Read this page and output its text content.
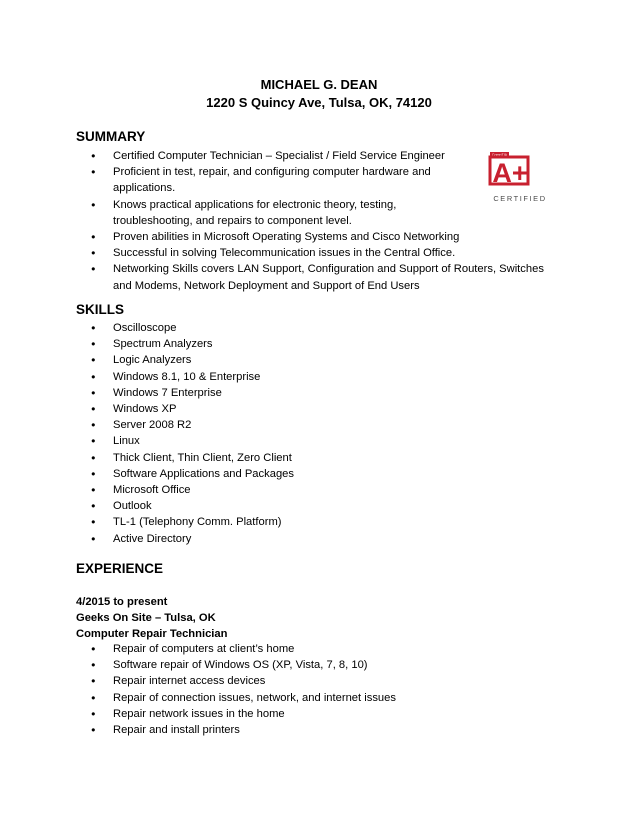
MICHAEL G. DEAN
1220 S Quincy Ave, Tulsa, OK, 74120
CompTIA
A+
CERTIFIED
SUMMARY
● Certified Computer Technician – Specialist / Field Service Engineer
● Proficient in test, repair, and configuring computer hardware and applications.
● Knows practical applications for electronic theory, testing, troubleshooting, and repairs to component level.
● Proven abilities in Microsoft Operating Systems and Cisco Networking
● Successful in solving Telecommunication issues in the Central Office.
● Networking Skills covers LAN Support, Configuration and Support of Routers, Switches and Modems, Network Deployment and Support of End Users
SKILLS
● Oscilloscope
● Spectrum Analyzers
● Logic Analyzers
● Windows 8.1, 10 & Enterprise
● Windows 7 Enterprise
● Windows XP
● Server 2008 R2
● Linux
● Thick Client, Thin Client, Zero Client
● Software Applications and Packages
● Microsoft Office
● Outlook
● TL-1 (Telephony Comm. Platform)
● Active Directory
EXPERIENCE
4/2015 to present
Geeks On Site – Tulsa, OK
Computer Repair Technician
● Repair of computers at client’s home
● Software repair of Windows OS (XP, Vista, 7, 8, 10)
● Repair internet access devices
● Repair of connection issues, network, and internet issues
● Repair network issues in the home
● Repair and install printers
